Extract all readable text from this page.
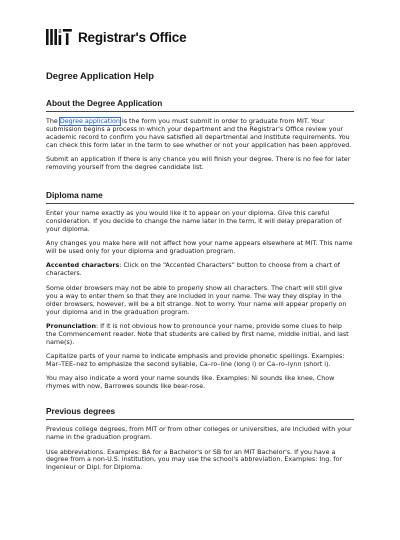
Registrar's Office
Degree Application Help
About the Degree Application

The Degree application is the form you must submit in order to graduate from MIT. Your submission begins a process in which your department and the Registrar's Office review your academic record to confirm you have satisfied all departmental and Institute requirements. You can check this form later in the term to see whether or not your application has been approved.

Submit an application if there is any chance you will finish your degree. There is no fee for later removing yourself from the degree candidate list.

Diploma name

Enter your name exactly as you would like it to appear on your diploma. Give this careful consideration. If you decide to change the name later in the term, it will delay preparation of your diploma.

Any changes you make here will not affect how your name appears elsewhere at MIT. This name will be used only for your diploma and graduation program.

Accented characters: Click on the “Accented Characters” button to choose from a chart of characters.

Some older browsers may not be able to properly show all characters. The chart will still give you a way to enter them so that they are included in your name. The way they display in the older browsers, however, will be a bit strange. Not to worry. Your name will appear properly on your diploma and in the graduation program.

Pronunciation: If it is not obvious how to pronounce your name, provide some clues to help the Commencement reader. Note that students are called by first name, middle initial, and last name(s).

Capitalize parts of your name to indicate emphasis and provide phonetic spellings. Examples: Mar–TEE–nez to emphasize the second syllable, Ca–ro–line (long i) or Ca–ro–lynn (short i).

You may also indicate a word your name sounds like. Examples: Ni sounds like knee, Chow rhymes with now, Barrowes sounds like bear-rose.

Previous degrees

Previous college degrees, from MIT or from other colleges or universities, are included with your name in the graduation program.

Use abbreviations. Examples: BA for a Bachelor's or SB for an MIT Bachelor's. If you have a degree from a non-U.S. institution, you may use the school's abbreviation. Examples: Ing. for Ingenieur or Dipl. for Diploma.
